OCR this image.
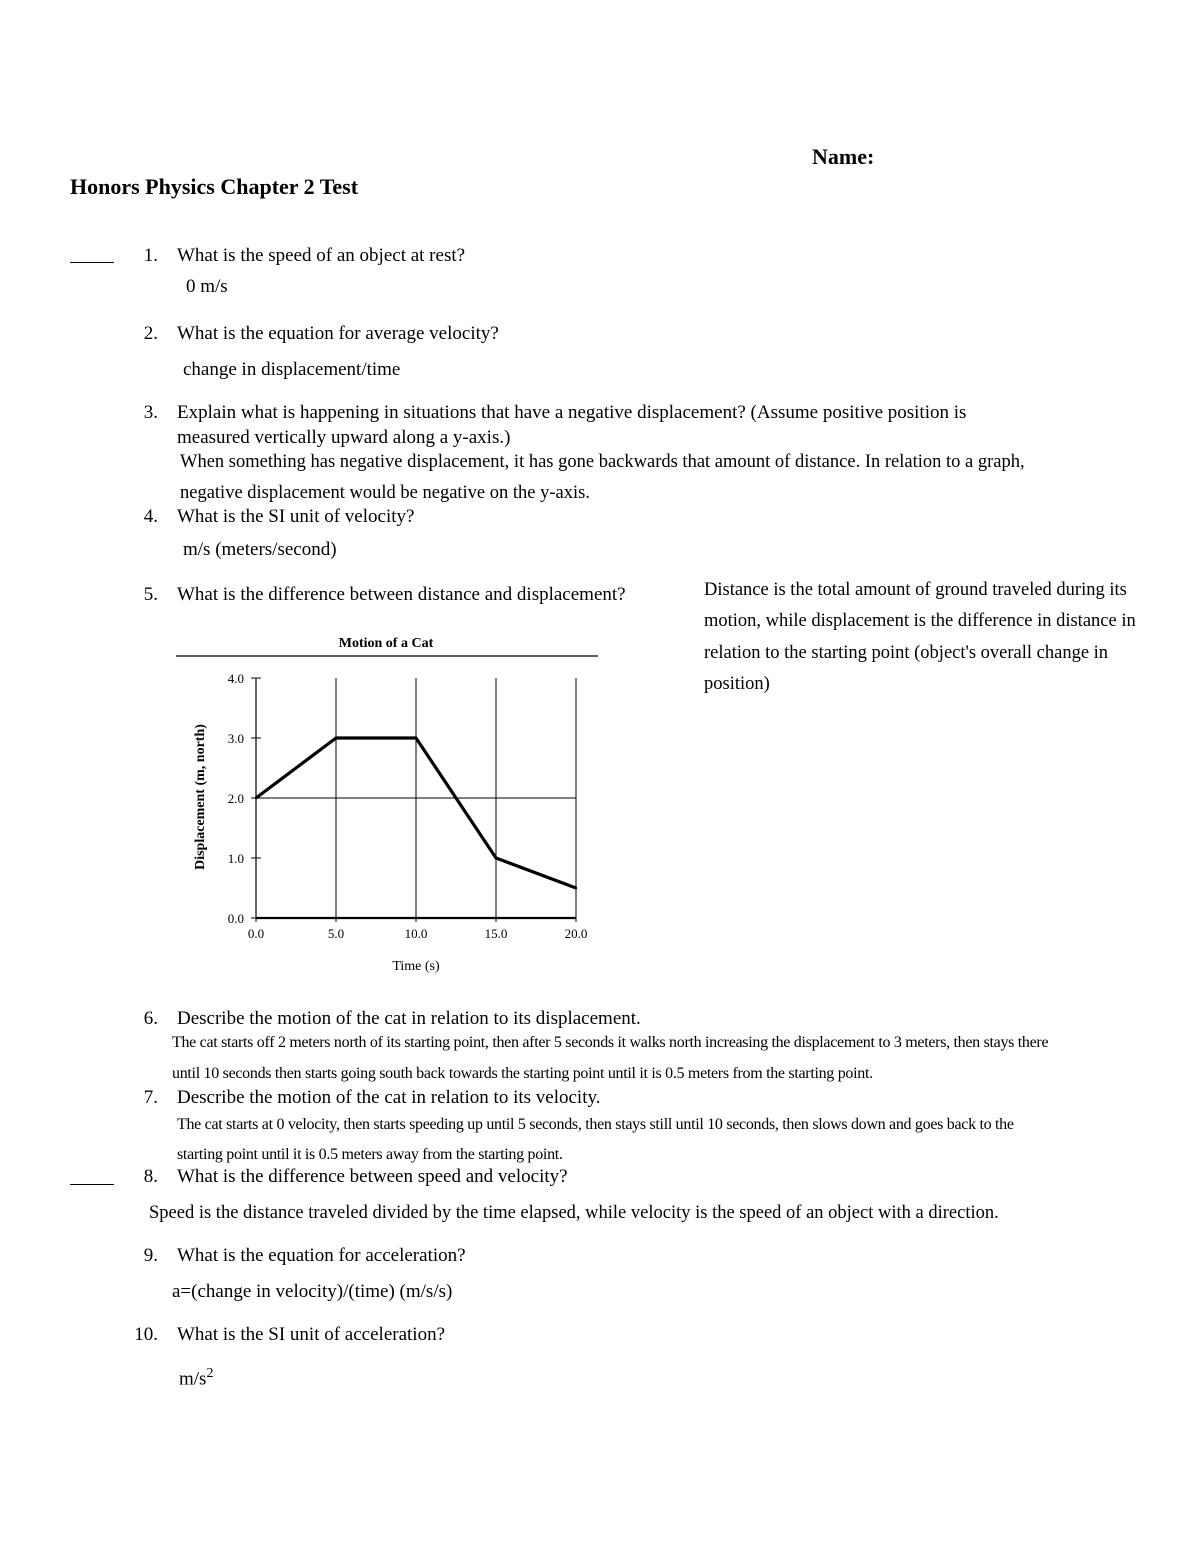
Name:
Honors Physics Chapter 2 Test
1. What is the speed of an object at rest?
0 m/s
2. What is the equation for average velocity?
change in displacement/time
3. Explain what is happening in situations that have a negative displacement? (Assume positive position is
measured vertically upward along a y-axis.)
When something has negative displacement, it has gone backwards that amount of distance. In relation to a graph,
negative displacement would be negative on the y-axis.
4. What is the SI unit of velocity?
m/s (meters/second)
5. What is the difference between distance and displacement?	Distance is the total amount of ground traveled during its
motion, while displacement is the difference in distance in
relation to the starting point (object's overall change in
position)
Motion of a Cat
0.0	5.0	10.0	15.0	20.0
0.0
1.0
2.0
3.0
4.0
Time (s)
Displacement (m, north)
6. Describe the motion of the cat in relation to its displacement.
The cat starts off 2 meters north of its starting point, then after 5 seconds it walks north increasing the displacement to 3 meters, then stays there
until 10 seconds then starts going south back towards the starting point until it is 0.5 meters from the starting point.
7. Describe the motion of the cat in relation to its velocity.
The cat starts at 0 velocity, then starts speeding up until 5 seconds, then stays still until 10 seconds, then slows down and goes back to the
starting point until it is 0.5 meters away from the starting point.
8. What is the difference between speed and velocity?
Speed is the distance traveled divided by the time elapsed, while velocity is the speed of an object with a direction.
9. What is the equation for acceleration?
a=(change in velocity)/(time) (m/s/s)
10. What is the SI unit of acceleration?
$m/s^2$
